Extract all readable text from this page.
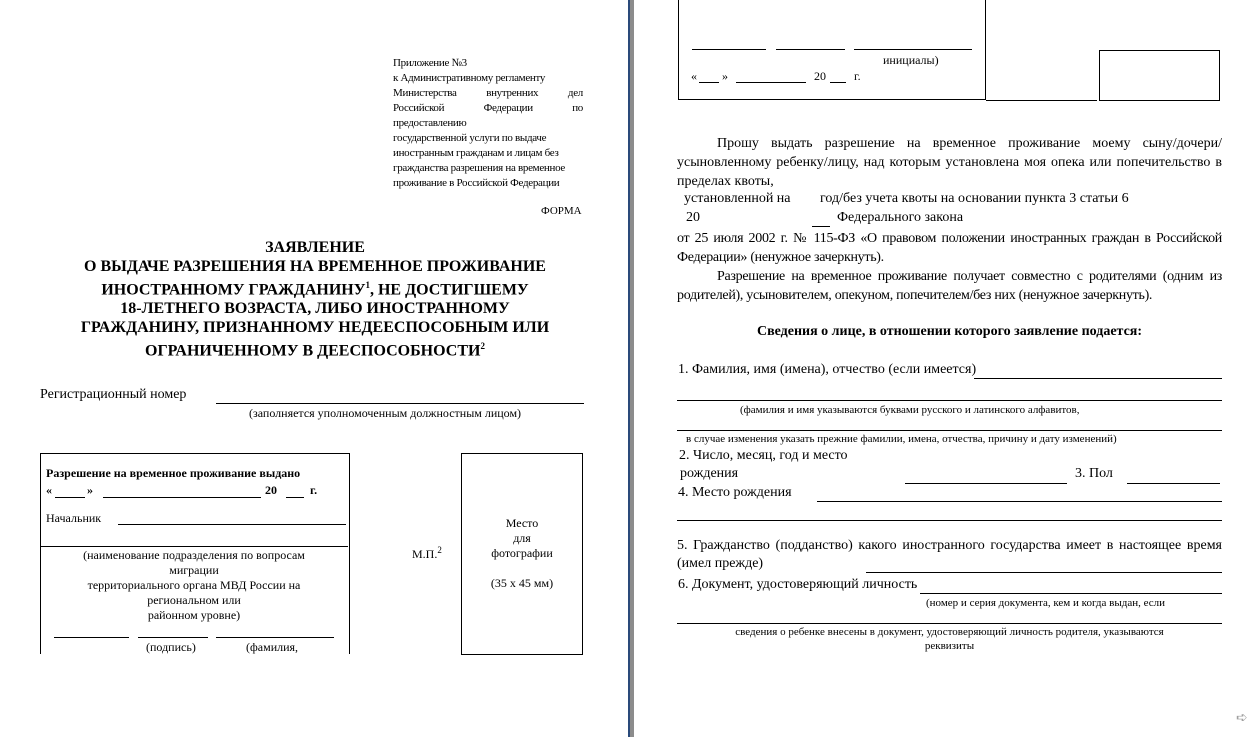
Приложение №3
к Административному регламенту
Министерства внутренних дел
Российской Федерации по
предоставлению
государственной услуги по выдаче
иностранным гражданам и лицам без
гражданства разрешения на временное
проживание в Российской Федерации
ФОРМА
ЗАЯВЛЕНИЕ
О ВЫДАЧЕ РАЗРЕШЕНИЯ НА ВРЕМЕННОЕ ПРОЖИВАНИЕ
ИНОСТРАННОМУ ГРАЖДАНИНУ$^1$, НЕ ДОСТИГШЕМУ
18-ЛЕТНЕГО ВОЗРАСТА, ЛИБО ИНОСТРАННОМУ
ГРАЖДАНИНУ, ПРИЗНАННОМУ НЕДЕЕСПОСОБНЫМ ИЛИ
ОГРАНИЧЕННОМУ В ДЕЕСПОСОБНОСТИ$^2$
Регистрационный номер
(заполняется уполномоченным должностным лицом)
Разрешение на временное проживание выдано
«	»	20	г.
Начальник
(наименование подразделения по вопросам
миграции
территориального органа МВД России на
региональном или
районном уровне)
(подпись)	(фамилия,
М.П.$^2$
Место
для
фотографии
(35 х 45 мм)
инициалы)
« »	20 г.
Прошу выдать разрешение на временное проживание моему сыну/дочери/усыновленному ребенку/лицу, над которым установлена моя опека или попечительство в пределах квоты,
установленной на год/без учета квоты на основании пункта 3 статьи 6
20	Федерального закона
от 25 июля 2002 г. № 115-ФЗ «О правовом положении иностранных граждан в Российской Федерации» (ненужное зачеркнуть).
Разрешение на временное проживание получает совместно с родителями (одним из родителей), усыновителем, опекуном, попечителем/без них (ненужное зачеркнуть).
Сведения о лице, в отношении которого заявление подается:
1. Фамилия, имя (имена), отчество (если имеется)
(фамилия и имя указываются буквами русского и латинского алфавитов,
в случае изменения указать прежние фамилии, имена, отчества, причину и дату изменений)
2. Число, месяц, год и место
рождения	3. Пол
4. Место рождения
5. Гражданство (подданство) какого иностранного государства имеет в настоящее время (имел прежде)
6. Документ, удостоверяющий личность
(номер и серия документа, кем и когда выдан, если
сведения о ребенке внесены в документ, удостоверяющий личность родителя, указываются
реквизиты
➪
